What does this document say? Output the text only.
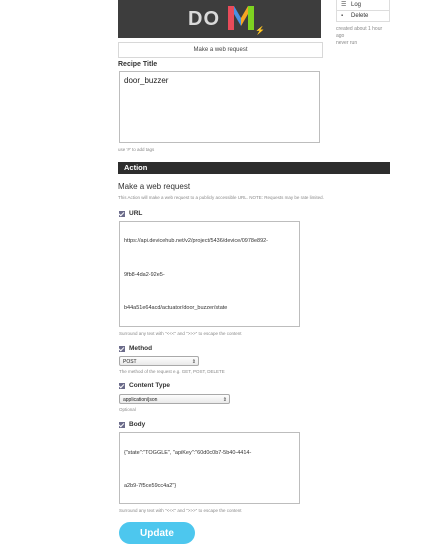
DO
⚡
Make a web request
☰ Log
▪ Delete
created about 1 hour
ago
never run
Recipe Title
door_buzzer
use '#' to add tags
Action
Make a web request
This Action will make a web request to a publicly accessible URL. NOTE: Requests may be rate limited.
URL
https://api.devicehub.net/v2/project/5436/device/0978e892-
9fb8-4da2-92e5-
b44a51e64acd/actuator/door_buzzer/state
Surround any text with "<<<" and ">>>" to escape the content
Method
POST	⇕
The method of the request e.g. GET, POST, DELETE
Content Type
application/json	⇕
Optional
Body
{"state":"TOGGLE", "apiKey":"60d0c0b7-5b40-4414-
a2b9-7f5ce59cc4a2"}
Surround any text with "<<<" and ">>>" to escape the content
Update
